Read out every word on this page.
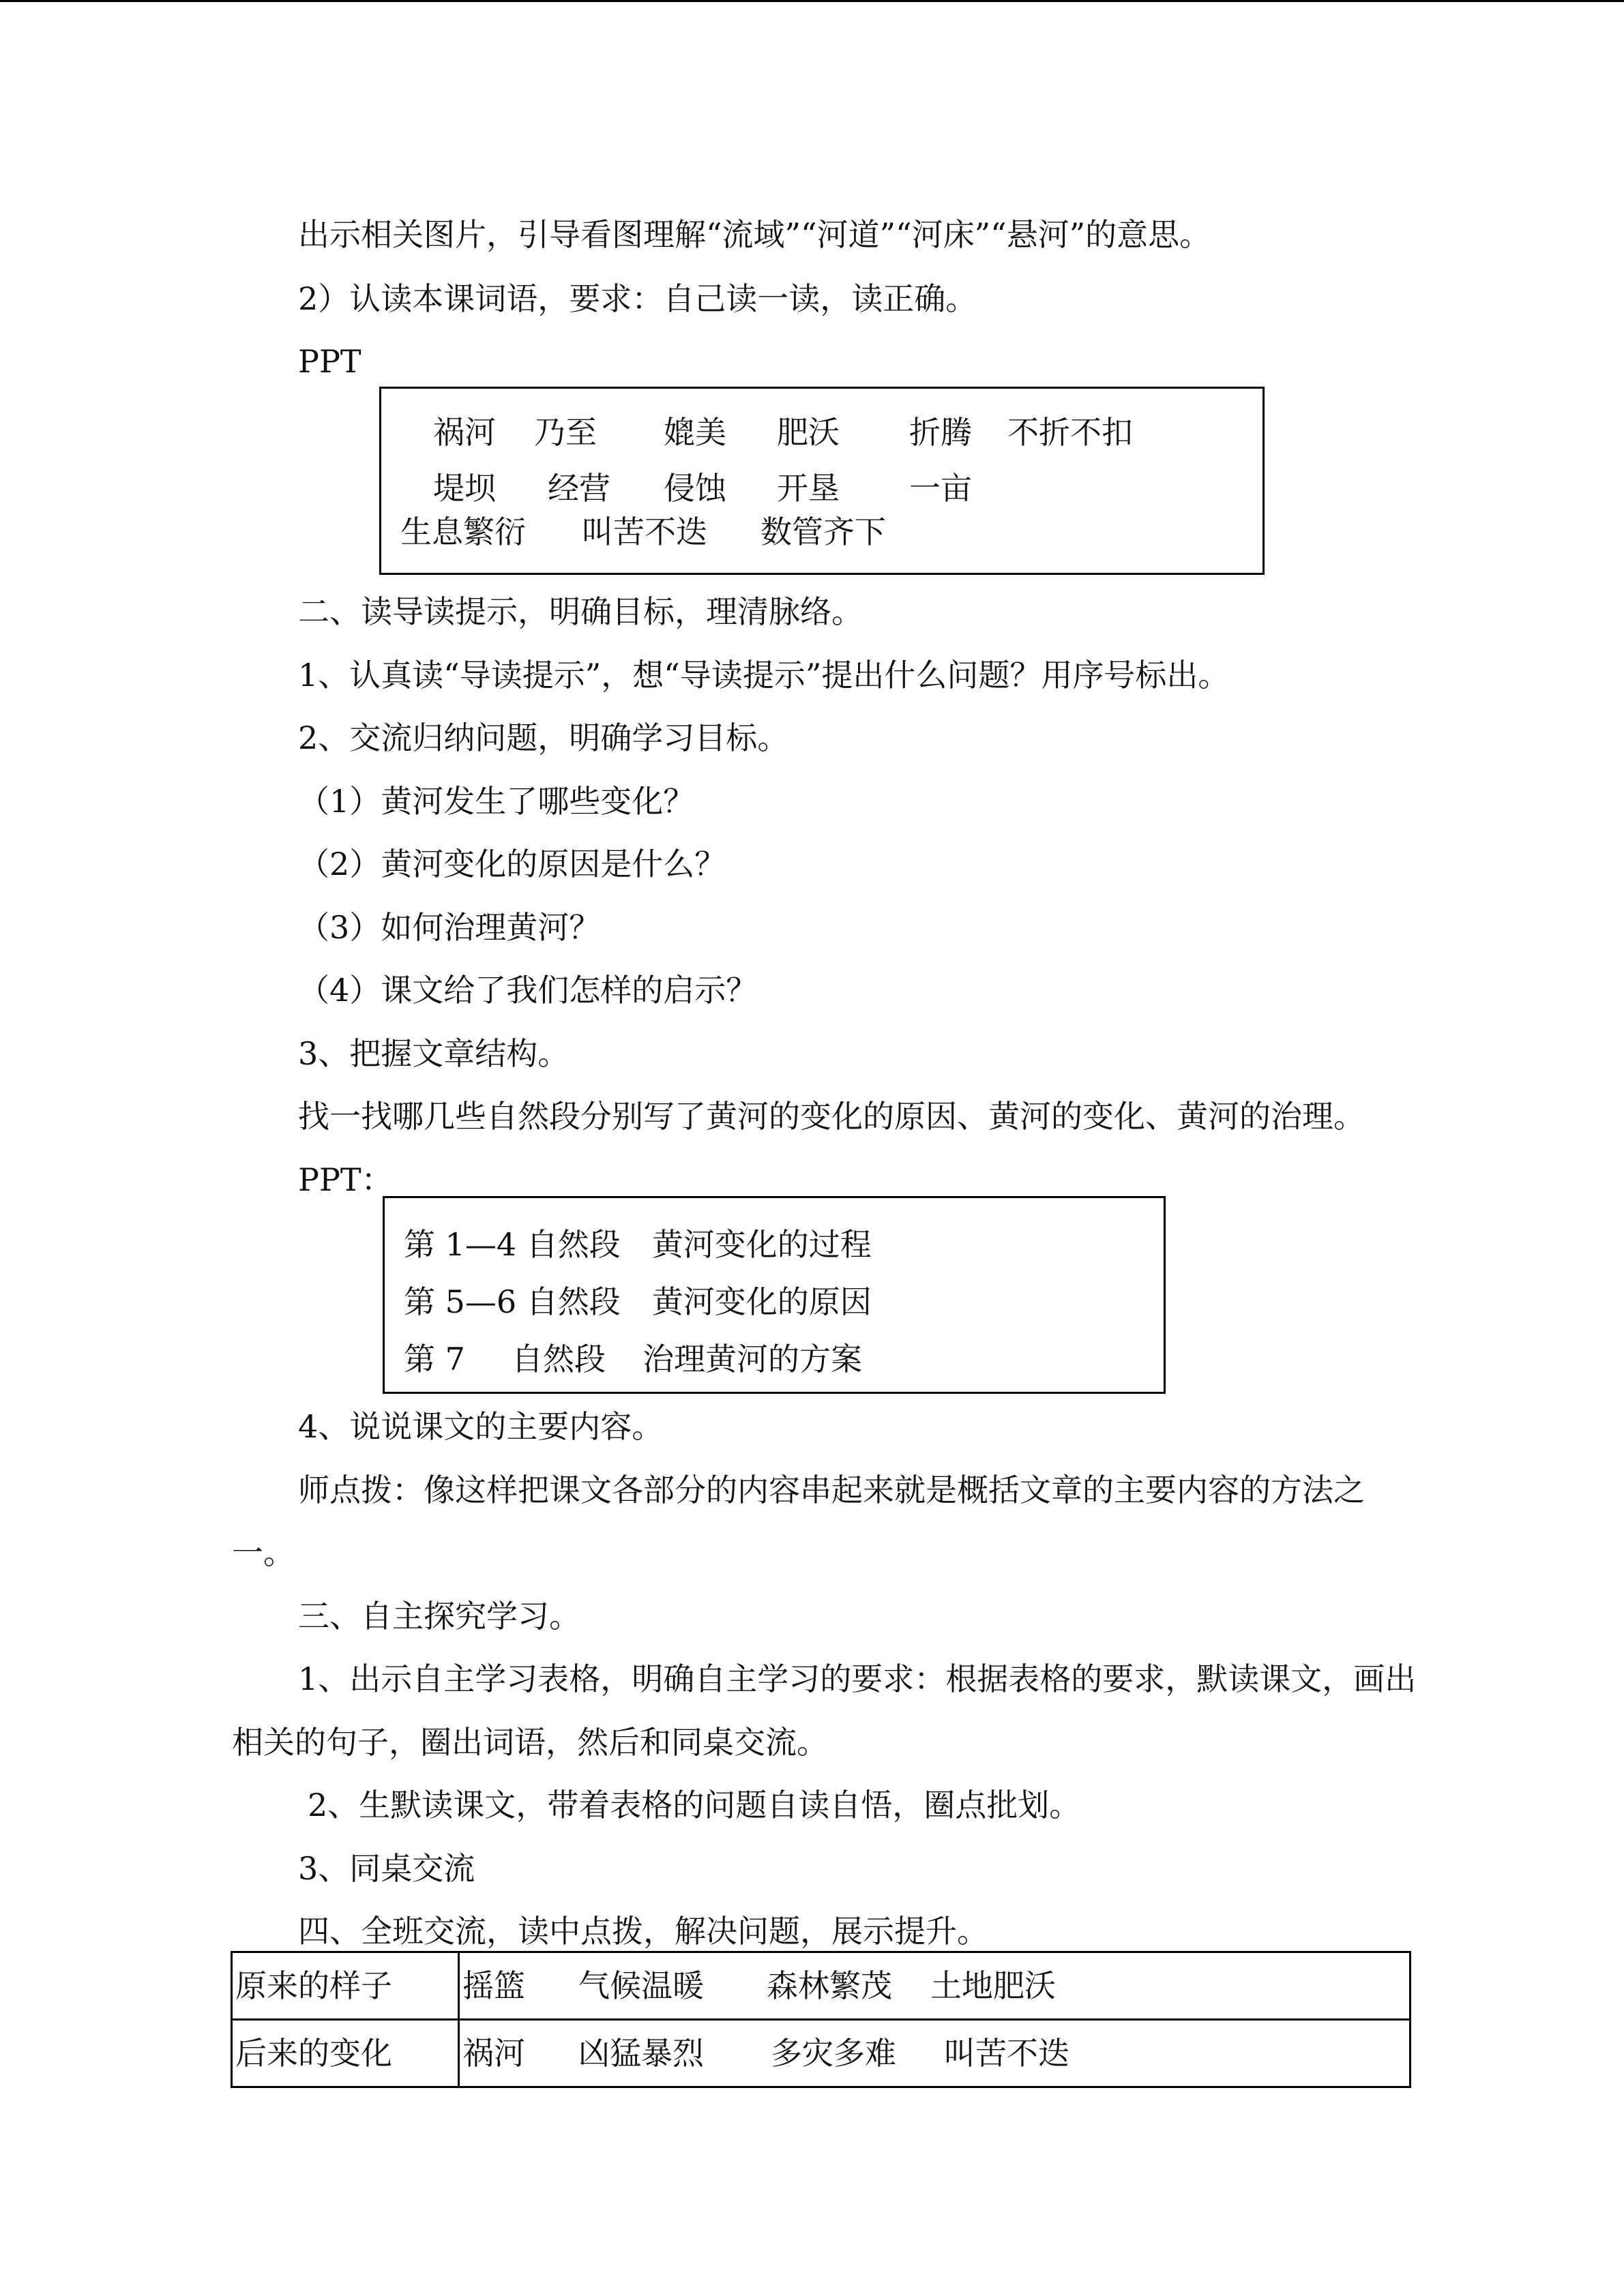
出示相关图片，引导看图理解“流域”“河道”“河床”“悬河”的意思。
2）认读本课词语，要求：自己读一读，读正确。
PPT
祸河 乃至 媲美 肥沃 折腾 不折不扣
堤坝 经营 侵蚀 开垦 一亩
生息繁衍 叫苦不迭 数管齐下
二、读导读提示，明确目标，理清脉络。
1、认真读“导读提示”，想“导读提示”提出什么问题？用序号标出。
2、交流归纳问题，明确学习目标。
（1）黄河发生了哪些变化？
（2）黄河变化的原因是什么？
（3）如何治理黄河？
（4）课文给了我们怎样的启示？
3、把握文章结构。
找一找哪几些自然段分别写了黄河的变化的原因、黄河的变化、黄河的治理。
PPT：
第 1—4 自然段　黄河变化的过程
第 5—6 自然段　黄河变化的原因
第 7 自然段 治理黄河的方案
4、说说课文的主要内容。
师点拨：像这样把课文各部分的内容串起来就是概括文章的主要内容的方法之
一。
三、自主探究学习。
1、出示自主学习表格，明确自主学习的要求：根据表格的要求，默读课文，画出
相关的句子，圈出词语，然后和同桌交流。
2、生默读课文，带着表格的问题自读自悟，圈点批划。
3、同桌交流
四、全班交流，读中点拨，解决问题，展示提升。
原来的样子	摇篮 气候温暖 森林繁茂 土地肥沃
后来的变化	祸河 凶猛暴烈 多灾多难 叫苦不迭
